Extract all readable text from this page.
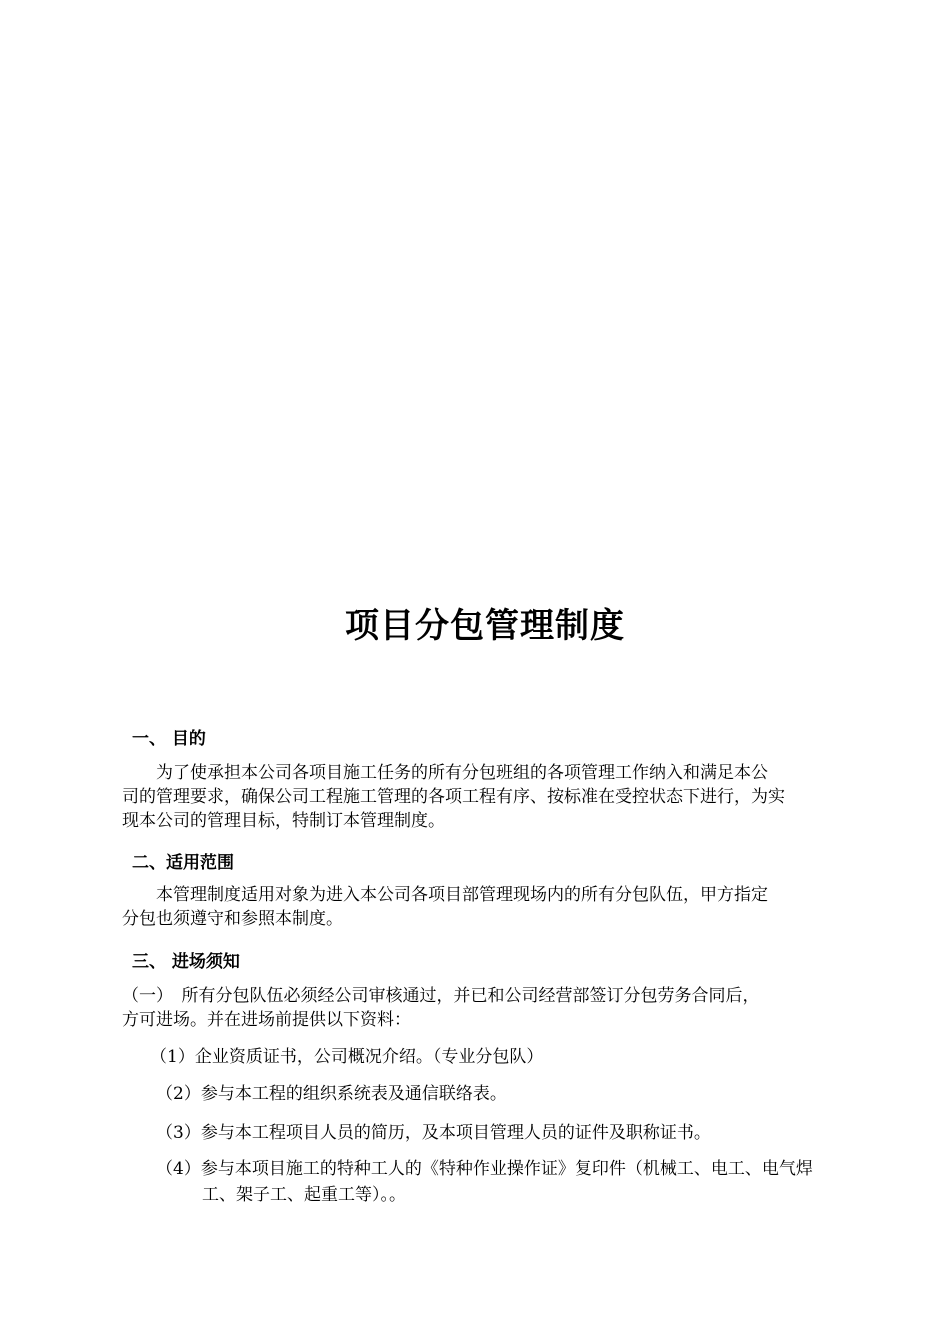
项目分包管理制度
一、 目的
为了使承担本公司各项目施工任务的所有分包班组的各项管理工作纳入和满足本公
司的管理要求，确保公司工程施工管理的各项工程有序、按标准在受控状态下进行，为实
现本公司的管理目标，特制订本管理制度。
二、适用范围
本管理制度适用对象为进入本公司各项目部管理现场内的所有分包队伍，甲方指定
分包也须遵守和参照本制度。
三、 进场须知
（一）　所有分包队伍必须经公司审核通过，并已和公司经营部签订分包劳务合同后，
方可进场。并在进场前提供以下资料：
（1）企业资质证书，公司概况介绍。（专业分包队）
（2）参与本工程的组织系统表及通信联络表。
（3）参与本工程项目人员的简历，及本项目管理人员的证件及职称证书。
（4）参与本项目施工的特种工人的《特种作业操作证》复印件（机械工、电工、电气焊
工、架子工、起重工等）。。
